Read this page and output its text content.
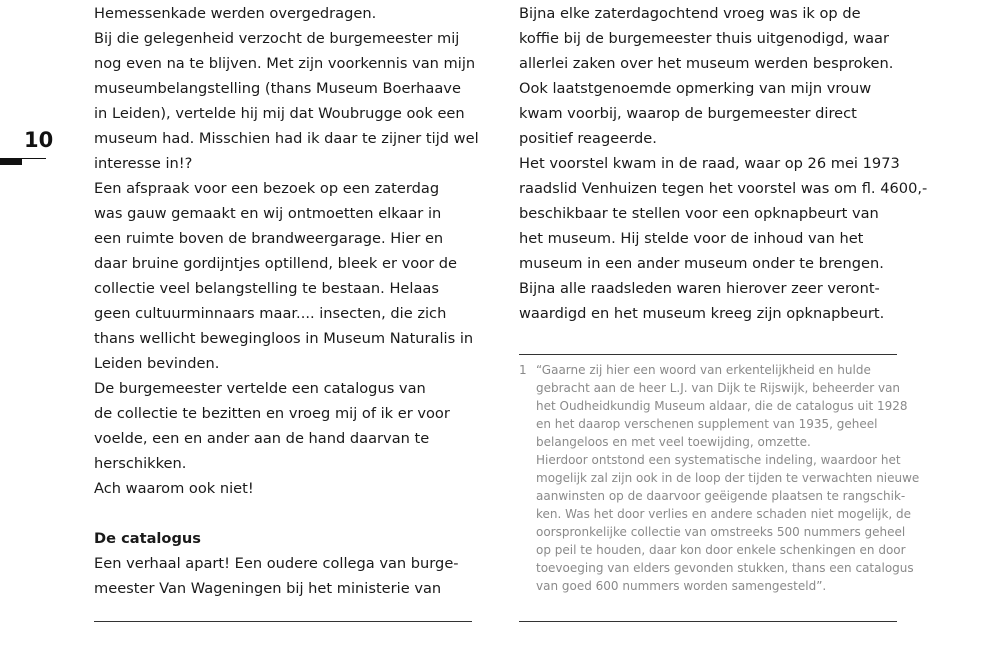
10
Hemessenkade werden overgedragen.
Bij die gelegenheid verzocht de burgemeester mij
nog even na te blijven. Met zijn voorkennis van mijn
museumbelangstelling (thans Museum Boerhaave
in Leiden), vertelde hij mij dat Woubrugge ook een
museum had. Misschien had ik daar te zijner tijd wel
interesse in!?
Een afspraak voor een bezoek op een zaterdag
was gauw gemaakt en wij ontmoetten elkaar in
een ruimte boven de brandweergarage. Hier en
daar bruine gordijntjes optillend, bleek er voor de
collectie veel belangstelling te bestaan. Helaas
geen cultuurminnaars maar.... insecten, die zich
thans wellicht bewegingloos in Museum Naturalis in
Leiden bevinden.
De burgemeester vertelde een catalogus van
de collectie te bezitten en vroeg mij of ik er voor
voelde, een en ander aan de hand daarvan te
herschikken.
Ach waarom ook niet!
De catalogus
Een verhaal apart! Een oudere collega van burge-
meester Van Wageningen bij het ministerie van
Bijna elke zaterdagochtend vroeg was ik op de
koffie bij de burgemeester thuis uitgenodigd, waar
allerlei zaken over het museum werden besproken.
Ook laatstgenoemde opmerking van mijn vrouw
kwam voorbij, waarop de burgemeester direct
positief reageerde.
Het voorstel kwam in de raad, waar op 26 mei 1973
raadslid Venhuizen tegen het voorstel was om fl. 4600,-
beschikbaar te stellen voor een opknapbeurt van
het museum. Hij stelde voor de inhoud van het
museum in een ander museum onder te brengen.
Bijna alle raadsleden waren hierover zeer veront-
waardigd en het museum kreeg zijn opknapbeurt.
1 “Gaarne zij hier een woord van erkentelijkheid en hulde
gebracht aan de heer L.J. van Dijk te Rijswijk, beheerder van
het Oudheidkundig Museum aldaar, die de catalogus uit 1928
en het daarop verschenen supplement van 1935, geheel
belangeloos en met veel toewijding, omzette.
Hierdoor ontstond een systematische indeling, waardoor het
mogelijk zal zijn ook in de loop der tijden te verwachten nieuwe
aanwinsten op de daarvoor geëigende plaatsen te rangschik-
ken. Was het door verlies en andere schaden niet mogelijk, de
oorspronkelijke collectie van omstreeks 500 nummers geheel
op peil te houden, daar kon door enkele schenkingen en door
toevoeging van elders gevonden stukken, thans een catalogus
van goed 600 nummers worden samengesteld”.
